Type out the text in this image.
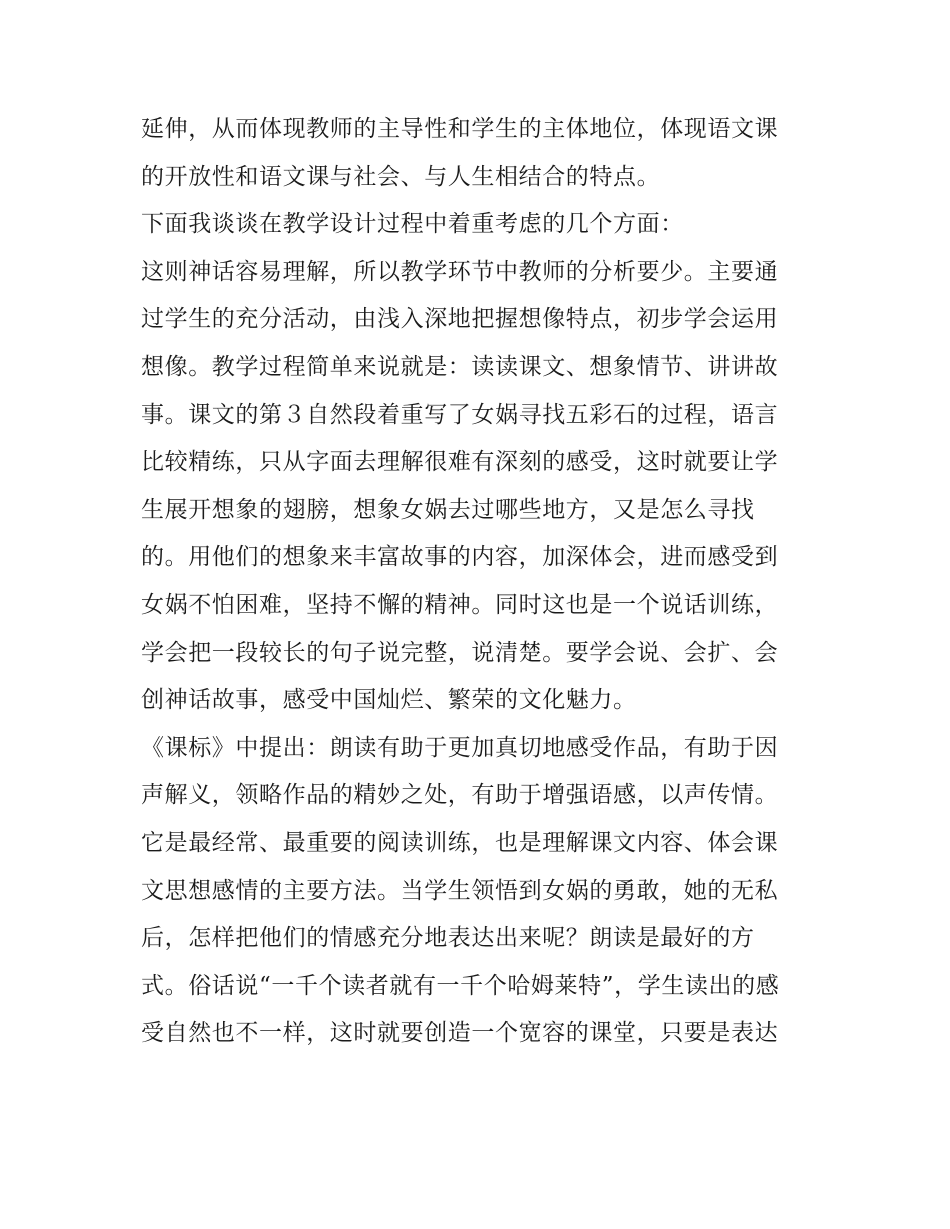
延伸，从而体现教师的主导性和学生的主体地位，体现语文课
的开放性和语文课与社会、与人生相结合的特点。
下面我谈谈在教学设计过程中着重考虑的几个方面：
这则神话容易理解，所以教学环节中教师的分析要少。主要通
过学生的充分活动，由浅入深地把握想像特点，初步学会运用
想像。教学过程简单来说就是：读读课文、想象情节、讲讲故
事。课文的第３自然段着重写了女娲寻找五彩石的过程，语言
比较精练，只从字面去理解很难有深刻的感受，这时就要让学
生展开想象的翅膀，想象女娲去过哪些地方，又是怎么寻找
的。用他们的想象来丰富故事的内容，加深体会，进而感受到
女娲不怕困难，坚持不懈的精神。同时这也是一个说话训练，
学会把一段较长的句子说完整，说清楚。要学会说、会扩、会
创神话故事，感受中国灿烂、繁荣的文化魅力。
《课标》中提出：朗读有助于更加真切地感受作品，有助于因
声解义，领略作品的精妙之处，有助于增强语感，以声传情。
它是最经常、最重要的阅读训练，也是理解课文内容、体会课
文思想感情的主要方法。当学生领悟到女娲的勇敢，她的无私
后，怎样把他们的情感充分地表达出来呢？朗读是最好的方
式。俗话说“一千个读者就有一千个哈姆莱特”，学生读出的感
受自然也不一样，这时就要创造一个宽容的课堂，只要是表达
